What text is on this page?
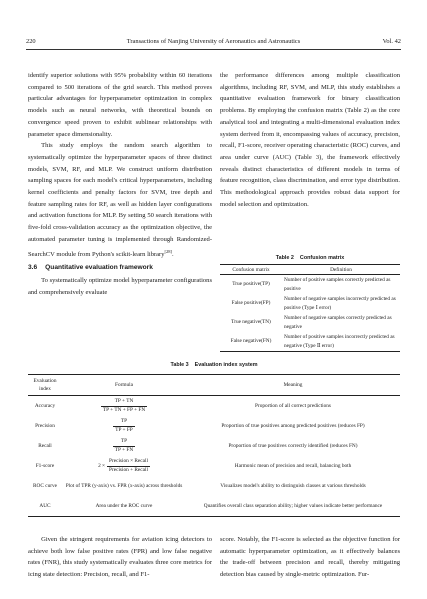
220	Transactions of Nanjing University of Aeronautics and Astronautics	Vol. 42

identify superior solutions with 95% probability within 60 iterations compared to 500 iterations of the grid search. This method proves particular advantages for hyperparameter optimization in complex models such as neural networks, with theoretical bounds on convergence speed proven to exhibit sublinear relationships with parameter space dimensionality.

This study employs the random search algorithm to systematically optimize the hyperparameter spaces of three distinct models, SVM, RF, and MLP. We construct uniform distribution sampling spaces for each model's critical hyperparameters, including kernel coefficients and penalty factors for SVM, tree depth and feature sampling rates for RF, as well as hidden layer configurations and activation functions for MLP. By setting 50 search iterations with five-fold cross-validation accuracy as the optimization objective, the automated parameter tuning is implemented through Randomized-SearchCV module from Python's scikit-learn library[28].

3.6 Quantitative evaluation framework

To systematically optimize model hyperparameter configurations and comprehensively evaluate

the performance differences among multiple classification algorithms, including RF, SVM, and MLP, this study establishes a quantitative evaluation framework for binary classification problems. By employing the confusion matrix (Table 2) as the core analytical tool and integrating a multi-dimensional evaluation index system derived from it, encompassing values of accuracy, precision, recall, F1-score, receiver operating characteristic (ROC) curves, and area under curve (AUC) (Table 3), the framework effectively reveals distinct characteristics of different models in terms of feature recognition, class discrimination, and error type distribution. This methodological approach provides robust data support for model selection and optimization.

Table 2 Confusion matrix
Confusion matrix	Definition
True positive(TP)	Number of positive samples correctly predicted as positive
False positive(FP)	Number of negative samples incorrectly predicted as positive (Type Ⅰ error)
True negative(TN)	Number of negative samples correctly predicted as negative
False negative(FN)	Number of positive samples incorrectly predicted as negative (Type Ⅱ error)
Table 3 Evaluation index system
Evaluation index	Formula	Meaning
Accuracy	$\frac{TP + TN}{TP + TN + FP + FN}$	Proportion of all correct predictions
Precision	$\frac{TP}{TP + FP}$	Proportion of true positives among predicted positives (reduces FP)
Recall	$\frac{TP}{TP + FN}$	Proportion of true positives correctly identified (reduces FN)
F1-score	$2 \times \frac{\text{Precision × Recall}}{\text{Precision + Recall}}$	Harmonic mean of precision and recall, balancing both
ROC curve	Plot of TPR (y-axis) vs. FPR (x-axis) across thresholds	Visualizes model's ability to distinguish classes at various thresholds
AUC	Area under the ROC curve	Quantifies overall class separation ability; higher values indicate better performance

Given the stringent requirements for aviation icing detectors to achieve both low false positive rates (FPR) and low false negative rates (FNR), this study systematically evaluates three core metrics for icing state detection: Precision, recall, and F1-

score. Notably, the F1-score is selected as the objective function for automatic hyperparameter optimization, as it effectively balances the trade-off between precision and recall, thereby mitigating detection bias caused by single-metric optimization. Fur-
